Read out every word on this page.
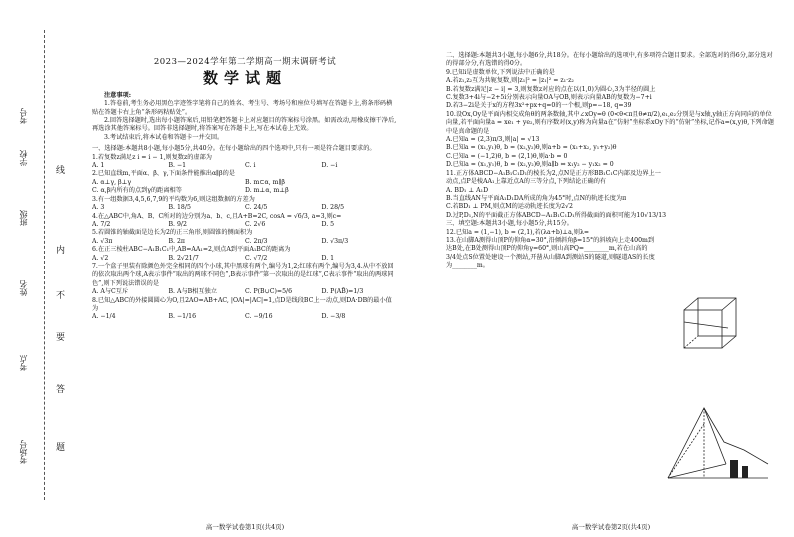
考号
学校
班级
姓名
考点
考场号
线
内
不
要
答
题
2023—2024学年第二学期高一期末调研考试
数学试题

注意事项:

1.答卷前,考生务必用黑色字迹签字笔将自己的姓名、考生号、考场号和座位号填写在答题卡上,将条形码横贴在答题卡右上角“条形码粘贴处”。

2.回答选择题时,选出每小题答案后,用铅笔把答题卡上对应题目的答案标号涂黑。如需改动,用橡皮擦干净后,再选涂其他答案标号。回答非选择题时,将答案写在答题卡上,写在本试卷上无效。

3.考试结束后,将本试卷和答题卡一并交回。

一、选择题:本题共8小题,每小题5分,共40分。在每小题给出的四个选项中,只有一项是符合题目要求的。

1.若复数z满足z i = i − 1,则复数z的虚部为

A. 1	B. −1	C. i	D. −i

2.已知直线m,平面α、β、γ,下面条件能推出α∥β的是

A. α⊥γ, β⊥γ	B. m⊂α, m∥β
C. α,β内所有的点到γ的距离相等	D. m⊥α, m⊥β

3.有一组数据3,4,5,6,7,9的平均数为6,则这组数据的方差为

A. 3	B. 18/5	C. 24/5	D. 28/5

4.在△ABC中,角A、B、C所对的边分别为a、b、c,且A+B=2C, cosA = √6/3, a=3,则c=

A. 7/2	B. 9/2	C. 2√6	D. 5

5.若圆锥的轴截面是边长为2的正三角形,则圆锥的侧面积为

A. √3π	B. 2π	C. 2π/3	D. √3π/3

6.在正三棱柱ABC−A₁B₁C₁中,AB=AA₁=2,则点A到平面A₁BC的距离为

A. √2	B. 2√21/7	C. √7/2	D. 1

7.一个盒子里装有除颜色外完全相同的四个小球,其中黑球有两个,编号为1,2;红球有两个,编号为3,4.从中不放回的依次取出两个球,A表示事件“取出的两球不同色”,B表示事件“第一次取出的是红球”,C表示事件“取出的两球同色”,则下列说法错误的是

A. A与C互斥	B. A与B相互独立	C. P(B∪C)=5/6	D. P(AB̄)=1/3

8.已知△ABC的外接圆圆心为O,且2AO=AB+AC, |OA|=|AC|=1,点D是线段BC上一动点,则DA·DB的最小值为

A. −1/4	B. −1/16	C. −9/16	D. −3/8
高一数学试卷第1页(共4页)

二、选择题:本题共3小题,每小题6分,共18分。在每小题给出的选项中,有多项符合题目要求。全部选对的得6分,部分选对的得部分分,有选错的得0分。

9.已知i是虚数单位,下列说法中正确的是

A.若z₁,z₂互为共轭复数,则|z₁|² = |z₁|² = z₁·z₂
B.若复数z满足|z − i| = 3,则复数z对应的点在以(1,0)为圆心,3为半径的圆上
C.复数3+4i与−2+5i分别表示向量OA与OB,则表示向量AB的复数为−7+i
D.若3−2i是关于x的方程3x²+px+q=0的一个根,则p=−18, q=39

10.设Ox,Oy是平面内相交成角θ的两条数轴,其中∠xOy=θ (0<θ<π且θ≠π/2),e₁,e₂分别是与x轴,y轴正方向同向的单位向量,若平面向量a = xe₁ + ye₂,则有序数对(x,y)称为向量a在“仿射”坐标系xOy下的“仿射”坐标,记作a=(x,y)θ,下列命题中是真命题的是

A.已知a = (2,3)π/3,则|a| = √13
B.已知a = (x₁,y₁)θ, b = (x₂,y₂)θ,则a+b = (x₁+x₂, y₁+y₂)θ
C.已知a = (−1,2)θ, b = (2,1)θ,则a·b = 0
D.已知a = (x₁,y₁)θ, b = (x₂,y₂)θ,则a∥b ⇔ x₁y₂ − y₁x₂ = 0

11.正方体ABCD−A₁B₁C₁D₁的棱长为2,点N是正方形BB₁C₁C内部及边界上一动点,点P是棱AA₁上靠近点A的三等分点,下列结论正确的有

A. BD₁ ⊥ A₁D
B.当直线AN与平面A₁D₁DA所成的角为45°时,点N的轨迹长度为π
C.若BD₁ ⊥ PM,则点M的运动轨迹长度为2√2
D.过P,D₁,N的平面截正方体ABCD−A₁B₁C₁D₁所得截面的面积可能为10√13/13

三、填空题:本题共3小题,每小题5分,共15分。

12.已知a = (1,−1), b = (2,1),若(λa+b)⊥a,则λ=

13.在山脚A测得山顶P的仰角α=30°,沿倾斜角β=15°的斜坡向上走400m到达B处,在B处测得山顶P的仰角γ=60°,则山高PQ=________m,若在山高的3/4处点S位置处建设一个测站,开凿从山脚A到测站S的隧道,则隧道AS的长度为________m。

高一数学试卷第2页(共4页)
